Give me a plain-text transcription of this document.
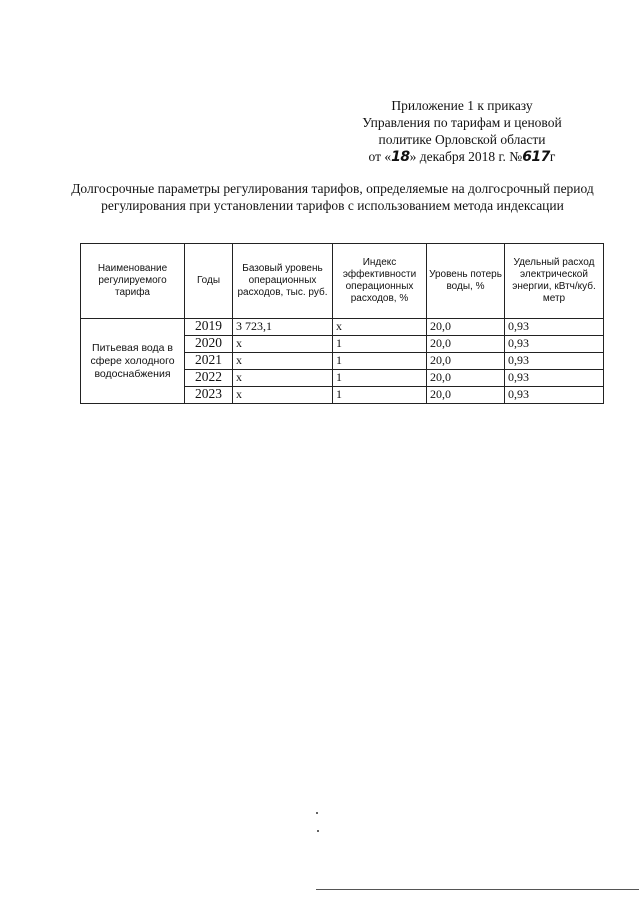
Приложение 1 к приказу
Управления по тарифам и ценовой
политике Орловской области
от «18» декабря 2018 г. №617г
Долгосрочные параметры регулирования тарифов, определяемые на долгосрочный период регулирования при установлении тарифов с использованием метода индексации
Наименование регулируемого тарифа	Годы	Базовый уровень операционных расходов, тыс. руб.	Индекс эффективности операционных расходов, %	Уровень потерь воды, %	Удельный расход электрической энергии, кВтч/куб. метр
Питьевая вода в сфере холодного водоснабжения	2019	3 723,1	x	20,0	0,93
	2020	x	1	20,0	0,93
	2021	x	1	20,0	0,93
	2022	x	1	20,0	0,93
	2023	x	1	20,0	0,93
